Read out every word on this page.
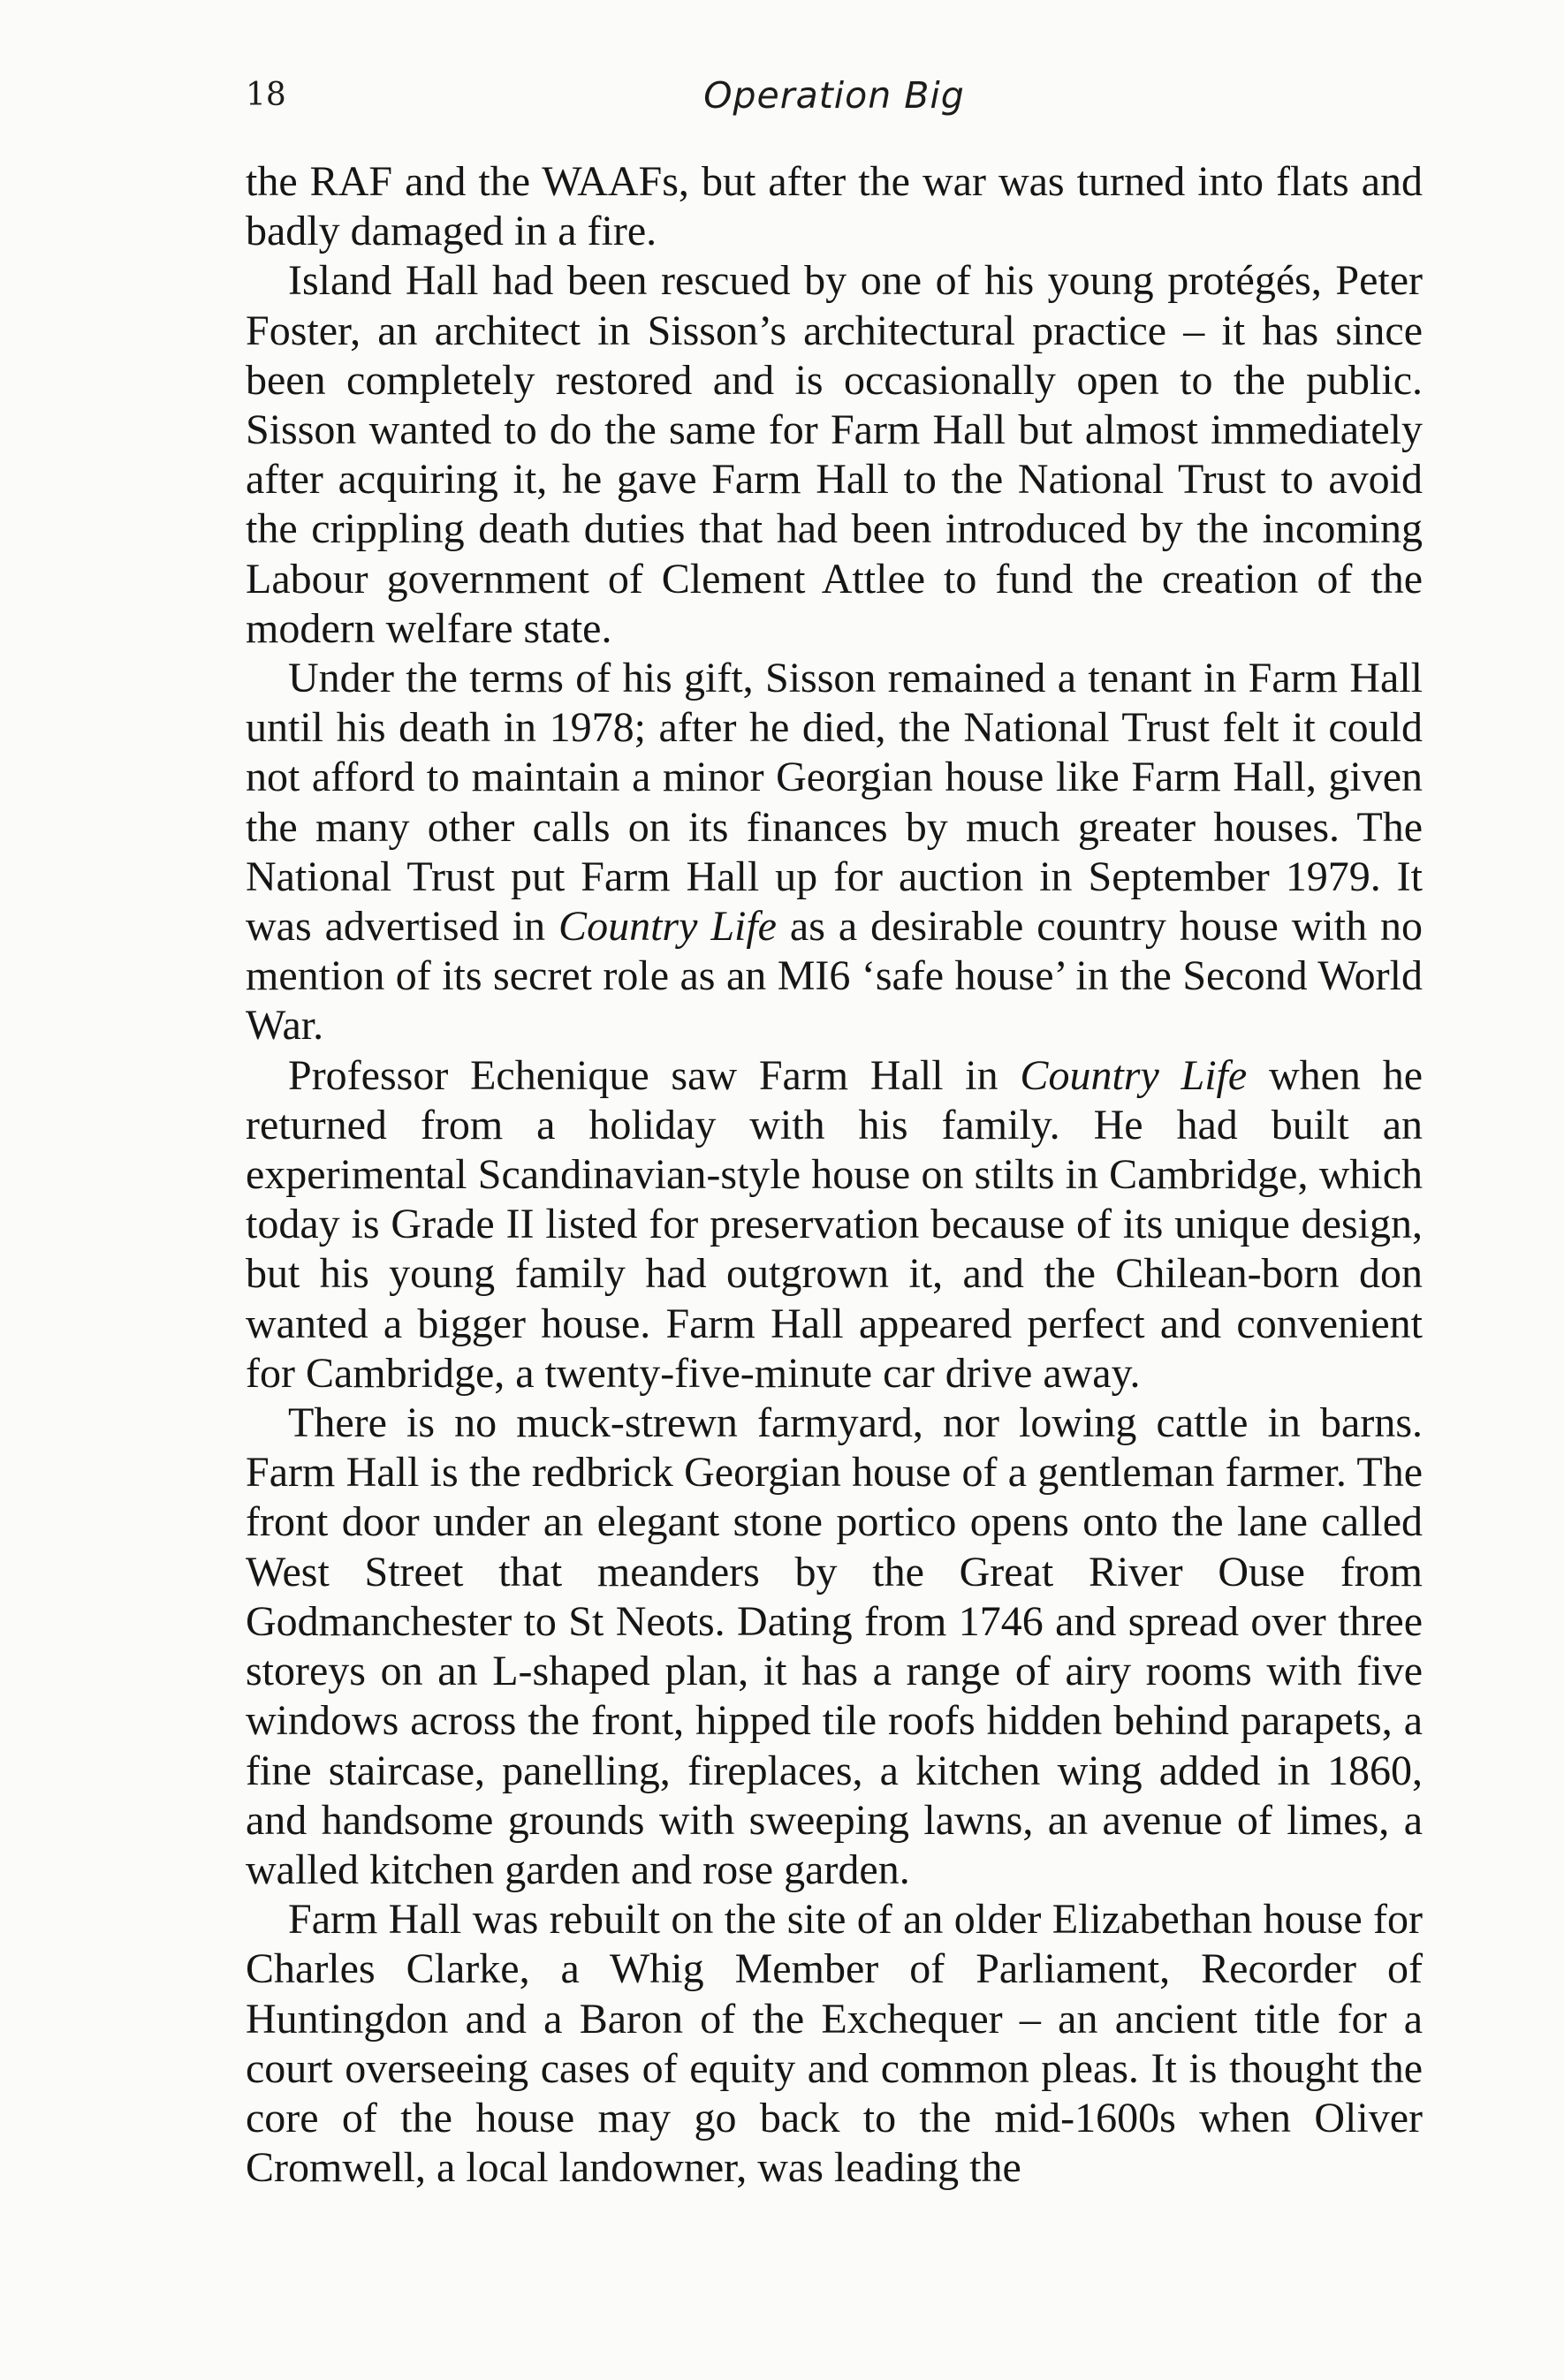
18	Operation Big

the RAF and the WAAFs, but after the war was turned into flats and badly damaged in a fire.

Island Hall had been rescued by one of his young protégés, Peter Foster, an architect in Sisson’s architectural practice – it has since been completely restored and is occasionally open to the public. Sisson wanted to do the same for Farm Hall but almost immediately after acquiring it, he gave Farm Hall to the National Trust to avoid the crippling death duties that had been introduced by the incoming Labour government of Clement Attlee to fund the creation of the modern welfare state.

Under the terms of his gift, Sisson remained a tenant in Farm Hall until his death in 1978; after he died, the National Trust felt it could not afford to maintain a minor Georgian house like Farm Hall, given the many other calls on its finances by much greater houses. The National Trust put Farm Hall up for auction in September 1979. It was advertised in Country Life as a desirable country house with no mention of its secret role as an MI6 ‘safe house’ in the Second World War.

Professor Echenique saw Farm Hall in Country Life when he returned from a holiday with his family. He had built an experimental Scandinavian-style house on stilts in Cambridge, which today is Grade II listed for preservation because of its unique design, but his young family had outgrown it, and the Chilean-born don wanted a bigger house. Farm Hall appeared perfect and convenient for Cambridge, a twenty-five-minute car drive away.

There is no muck-strewn farmyard, nor lowing cattle in barns. Farm Hall is the redbrick Georgian house of a gentleman farmer. The front door under an elegant stone portico opens onto the lane called West Street that meanders by the Great River Ouse from Godmanchester to St Neots. Dating from 1746 and spread over three storeys on an L-shaped plan, it has a range of airy rooms with five windows across the front, hipped tile roofs hidden behind parapets, a fine staircase, panelling, fireplaces, a kitchen wing added in 1860, and handsome grounds with sweeping lawns, an avenue of limes, a walled kitchen garden and rose garden.

Farm Hall was rebuilt on the site of an older Elizabethan house for Charles Clarke, a Whig Member of Parliament, Recorder of Huntingdon and a Baron of the Exchequer – an ancient title for a court overseeing cases of equity and common pleas. It is thought the core of the house may go back to the mid-1600s when Oliver Cromwell, a local landowner, was leading the
